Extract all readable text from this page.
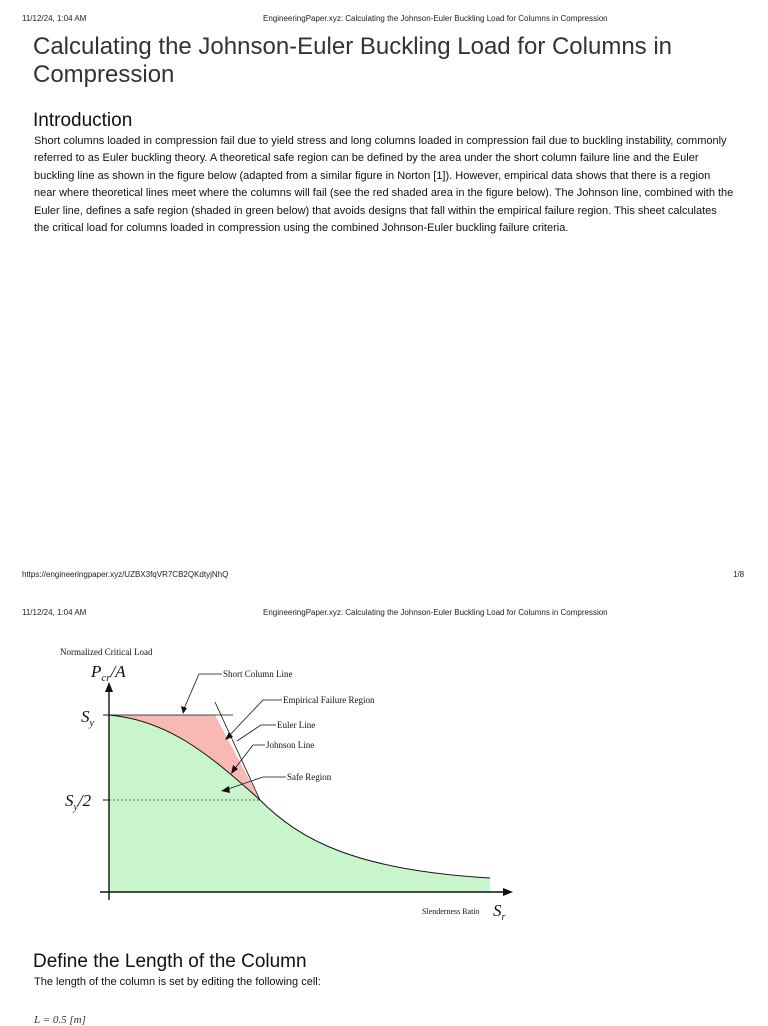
11/12/24, 1:04 AM	EngineeringPaper.xyz: Calculating the Johnson-Euler Buckling Load for Columns in Compression
Calculating the Johnson-Euler Buckling Load for Columns in Compression
Introduction

Short columns loaded in compression fail due to yield stress and long columns loaded in compression fail due to buckling instability, commonly referred to as Euler buckling theory. A theoretical safe region can be defined by the area under the short column failure line and the Euler buckling line as shown in the figure below (adapted from a similar figure in Norton [1]). However, empirical data shows that there is a region near where theoretical lines meet where the columns will fail (see the red shaded area in the figure below). The Johnson line, combined with the Euler line, defines a safe region (shaded in green below) that avoids designs that fall within the empirical failure region. This sheet calculates the critical load for columns loaded in compression using the combined Johnson-Euler buckling failure criteria.

https://engineeringpaper.xyz/UZBX3fqVR7CB2QKdtyjNhQ	1/8
11/12/24, 1:04 AM	EngineeringPaper.xyz: Calculating the Johnson-Euler Buckling Load for Columns in Compression
Normalized Critical Load
$P_{cr}/A$
$S_y$
$S_y/2$
Slenderness Ratio $S_r$
Short Column Line
Empirical Failure Region
Euler Line
Johnson Line
Safe Region
Define the Length of the Column

The length of the column is set by editing the following cell:

L = 0.5 [m]
